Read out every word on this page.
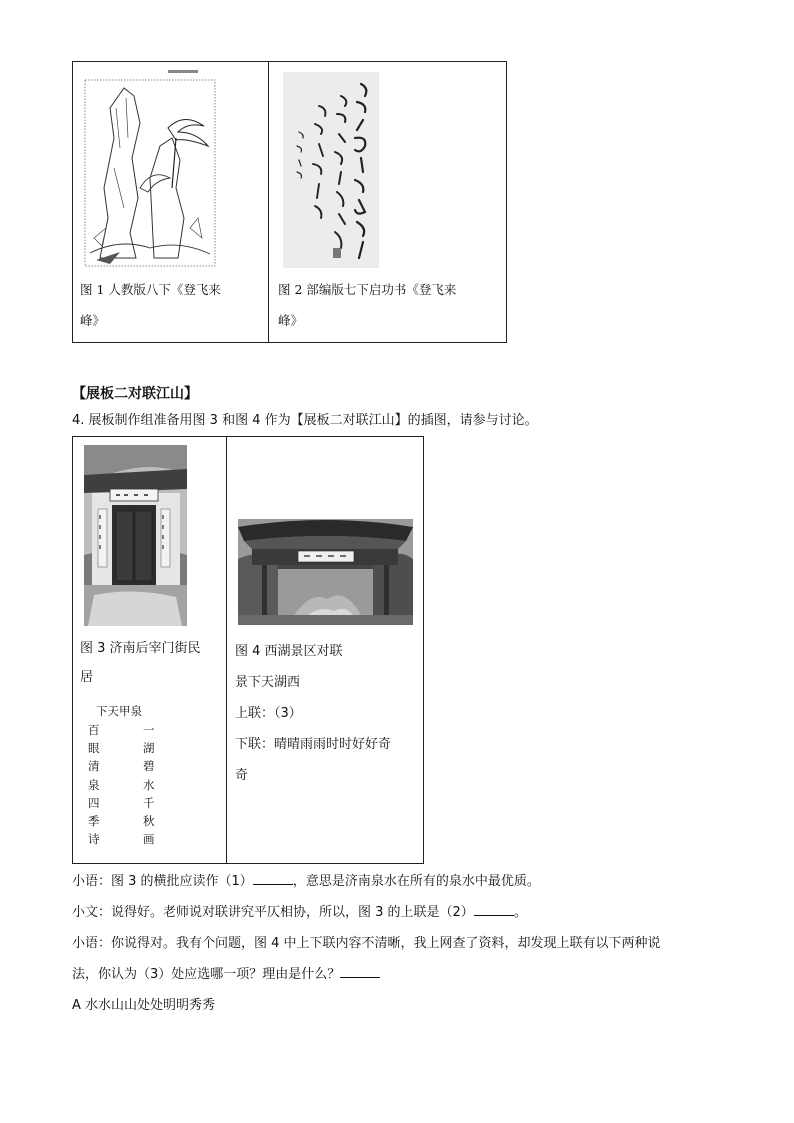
图 1 人教版八下《登飞来
峰》
图 2 部编版七下启功书《登飞来
峰》
【展板二对联江山】
4. 展板制作组准备用图 3 和图 4 作为【展板二对联江山】的插图，请参与讨论。
图 3 济南后宰门街民
居
下天甲泉
百
眼
清
泉
四
季
诗
一
湖
碧
水
千
秋
画
图 4 西湖景区对联
景下天湖西
上联：（3）
下联：晴晴雨雨时时好好奇
奇
小语：图 3 的横批应读作（1）	，意思是济南泉水在所有的泉水中最优质。
小文：说得好。老师说对联讲究平仄相协，所以，图 3 的上联是（2）	。
小语：你说得对。我有个问题，图 4 中上下联内容不清晰，我上网查了资料，却发现上联有以下两种说
法，你认为（3）处应选哪一项？理由是什么？
A 水水山山处处明明秀秀
